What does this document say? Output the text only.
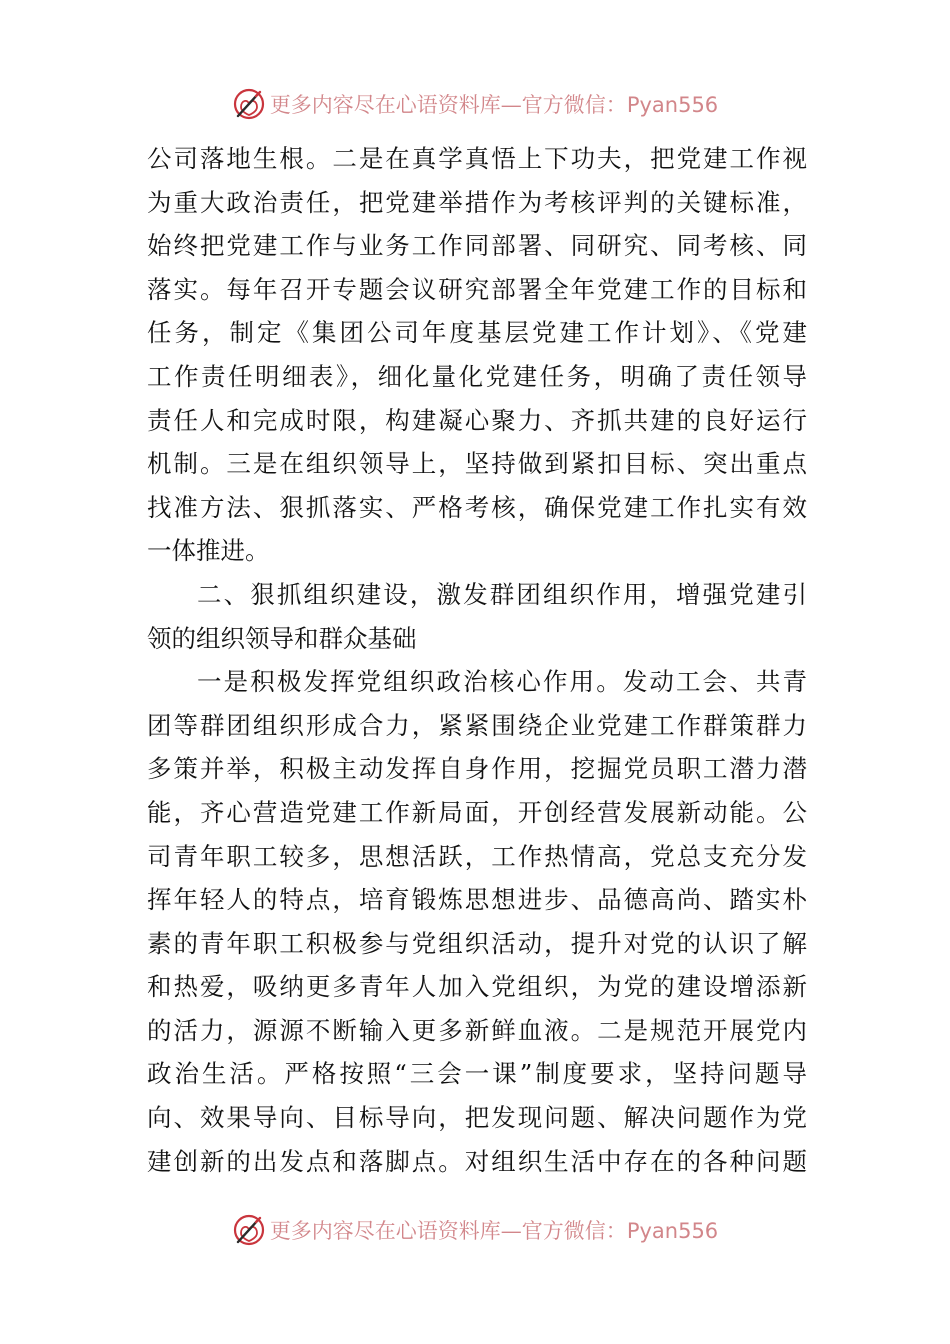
更多内容尽在心语资料库—官方微信：Pyan556
公司落地生根。二是在真学真悟上下功夫，把党建工作视
为重大政治责任，把党建举措作为考核评判的关键标准，
始终把党建工作与业务工作同部署、同研究、同考核、同
落实。每年召开专题会议研究部署全年党建工作的目标和
任务，制定《集团公司年度基层党建工作计划》、《党建
工作责任明细表》，细化量化党建任务，明确了责任领导
责任人和完成时限，构建凝心聚力、齐抓共建的良好运行
机制。三是在组织领导上，坚持做到紧扣目标、突出重点
找准方法、狠抓落实、严格考核，确保党建工作扎实有效
一体推进。
二、狠抓组织建设，激发群团组织作用，增强党建引
领的组织领导和群众基础
一是积极发挥党组织政治核心作用。发动工会、共青
团等群团组织形成合力，紧紧围绕企业党建工作群策群力
多策并举，积极主动发挥自身作用，挖掘党员职工潜力潜
能，齐心营造党建工作新局面，开创经营发展新动能。公
司青年职工较多，思想活跃，工作热情高，党总支充分发
挥年轻人的特点，培育锻炼思想进步、品德高尚、踏实朴
素的青年职工积极参与党组织活动，提升对党的认识了解
和热爱，吸纳更多青年人加入党组织，为党的建设增添新
的活力，源源不断输入更多新鲜血液。二是规范开展党内
政治生活。严格按照“三会一课”制度要求，坚持问题导
向、效果导向、目标导向，把发现问题、解决问题作为党
建创新的出发点和落脚点。对组织生活中存在的各种问题
更多内容尽在心语资料库—官方微信：Pyan556
